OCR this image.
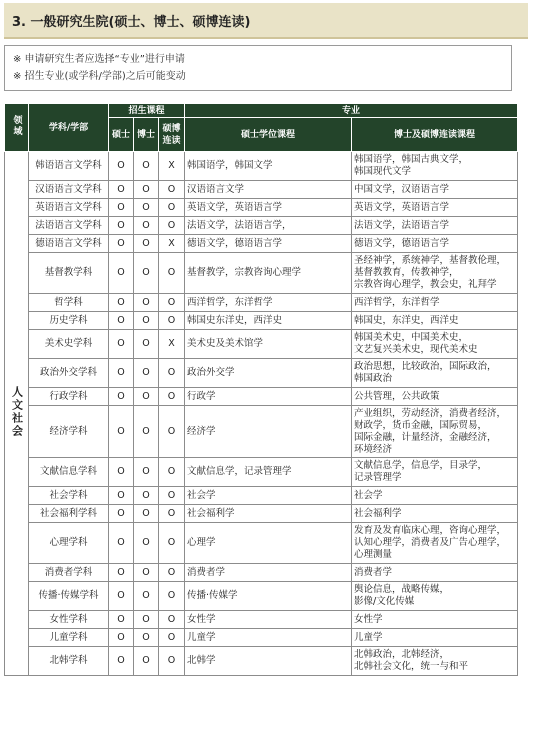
3. 一般研究生院(硕士、博士、硕博连读)
※ 申请研究生者应选择“专业”进行申请
※ 招生专业(或学科/学部)之后可能变动
领域	学科/学部	招生课程			专业	
		硕士	博士	硕博连读	硕士学位课程	博士及硕博连读课程
人文社会	韩语语言文学科	O	O	X	韩国语学，韩国文学	韩国语学，韩国古典文学，
韩国现代文学

	汉语语言文学科	O	O	O	汉语语言文学	中国文学，汉语语言学

	英语语言文学科	O	O	O	英语文学，英语语言学	英语文学，英语语言学

	法语语言文学科	O	O	O	法语文学，法语语言学，	法语文学，法语语言学

	德语语言文学科	O	O	X	德语文学，德语语言学	德语文学，德语语言学

	基督教学科	O	O	O	基督教学，宗教咨询心理学	圣经神学，系统神学，基督教伦理，
基督教教育，传教神学，
宗教咨询心理学，教会史，礼拜学

	哲学科	O	O	O	西洋哲学，东洋哲学	西洋哲学，东洋哲学

	历史学科	O	O	O	韩国史东洋史，西洋史	韩国史，东洋史，西洋史

	美术史学科	O	O	X	美术史及美术馆学	韩国美术史，中国美术史，
文艺复兴美术史，现代美术史

	政治外交学科	O	O	O	政治外交学	政治思想，比较政治，国际政治，
韩国政治

	行政学科	O	O	O	行政学	公共管理，公共政策

	经济学科	O	O	O	经济学	产业组织，劳动经济，消费者经济，
财政学，货币金融，国际贸易，
国际金融，计量经济，金融经济，
环境经济

	文献信息学科	O	O	O	文献信息学，记录管理学	文献信息学，信息学，目录学，
记录管理学

	社会学科	O	O	O	社会学	社会学

	社会福利学科	O	O	O	社会福利学	社会福利学

	心理学科	O	O	O	心理学	发育及发育临床心理，咨询心理学，
认知心理学，消费者及广告心理学，
心理测量

	消费者学科	O	O	O	消费者学	消费者学

	传播·传媒学科	O	O	O	传播·传媒学	舆论信息，战略传媒，
影像/文化传媒

	女性学科	O	O	O	女性学	女性学

	儿童学科	O	O	O	儿童学	儿童学

	北韩学科	O	O	O	北韩学	北韩政治，北韩经济，
北韩社会文化，统一与和平
